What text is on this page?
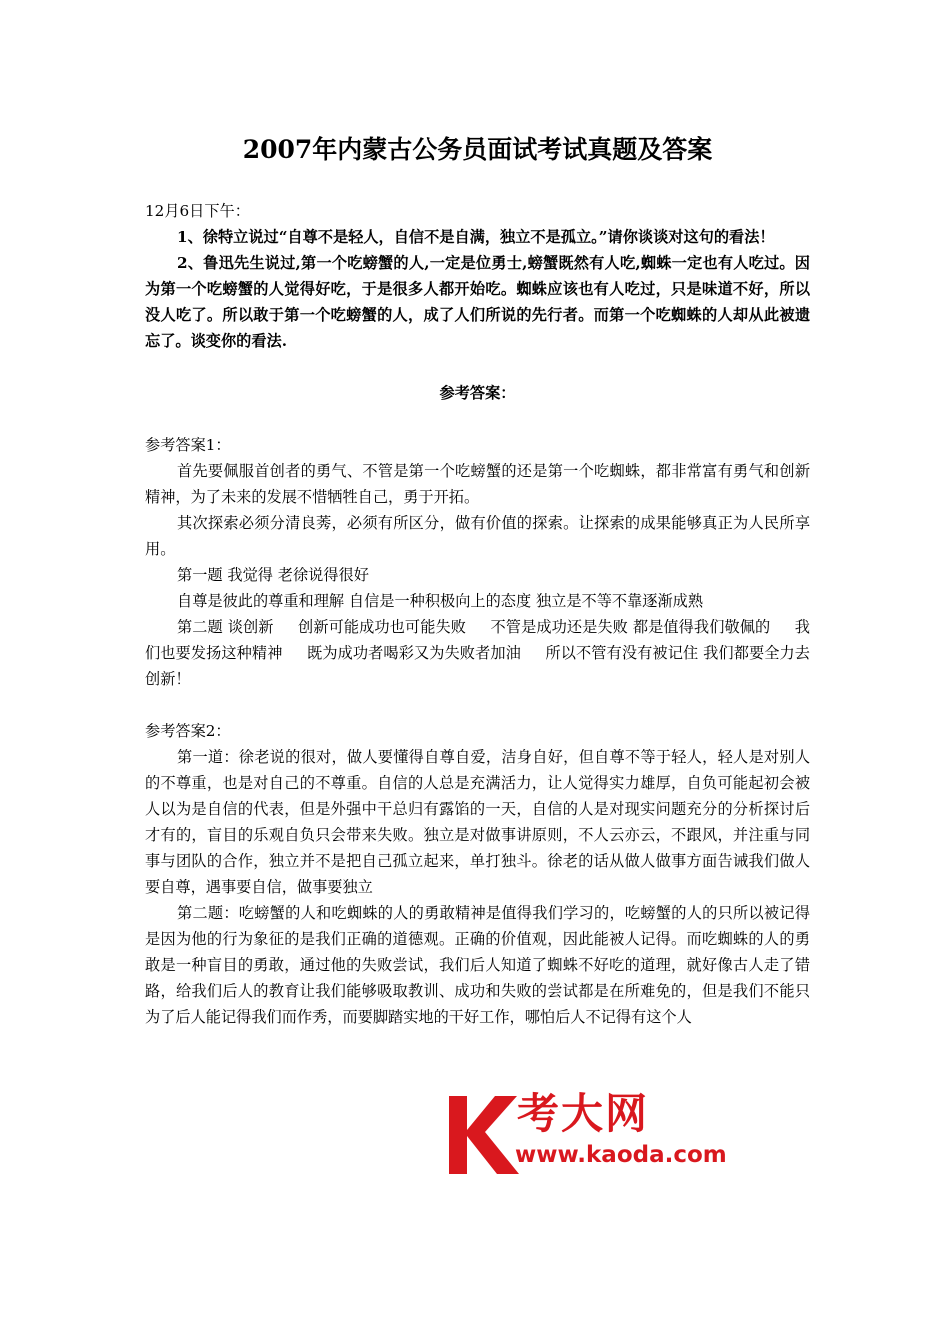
2007年内蒙古公务员面试考试真题及答案

12月6日下午：

1、徐特立说过“自尊不是轻人，自信不是自满，独立不是孤立。”请你谈谈对这句的看法！

2、鲁迅先生说过,第一个吃螃蟹的人,一定是位勇士,螃蟹既然有人吃,蜘蛛一定也有人吃过。因为第一个吃螃蟹的人觉得好吃，于是很多人都开始吃。蜘蛛应该也有人吃过，只是味道不好，所以没人吃了。所以敢于第一个吃螃蟹的人，成了人们所说的先行者。而第一个吃蜘蛛的人却从此被遗忘了。谈变你的看法.

参考答案：

参考答案1：

首先要佩服首创者的勇气、不管是第一个吃螃蟹的还是第一个吃蜘蛛，都非常富有勇气和创新精神，为了未来的发展不惜牺牲自己，勇于开拓。

其次探索必须分清良莠，必须有所区分，做有价值的探索。让探索的成果能够真正为人民所享用。

第一题 我觉得 老徐说得很好

自尊是彼此的尊重和理解 自信是一种积极向上的态度 独立是不等不靠逐渐成熟

第二题 谈创新     创新可能成功也可能失败     不管是成功还是失败 都是值得我们敬佩的     我们也要发扬这种精神     既为成功者喝彩又为失败者加油     所以不管有没有被记住 我们都要全力去创新！

参考答案2：

第一道：徐老说的很对，做人要懂得自尊自爱，洁身自好，但自尊不等于轻人，轻人是对别人的不尊重，也是对自己的不尊重。自信的人总是充满活力，让人觉得实力雄厚，自负可能起初会被人以为是自信的代表，但是外强中干总归有露馅的一天，自信的人是对现实问题充分的分析探讨后才有的，盲目的乐观自负只会带来失败。独立是对做事讲原则，不人云亦云，不跟风，并注重与同事与团队的合作，独立并不是把自己孤立起来，单打独斗。徐老的话从做人做事方面告诫我们做人要自尊，遇事要自信，做事要独立

第二题：吃螃蟹的人和吃蜘蛛的人的勇敢精神是值得我们学习的，吃螃蟹的人的只所以被记得是因为他的行为象征的是我们正确的道德观。正确的价值观，因此能被人记得。而吃蜘蛛的人的勇敢是一种盲目的勇敢，通过他的失败尝试，我们后人知道了蜘蛛不好吃的道理，就好像古人走了错路，给我们后人的教育让我们能够吸取教训、成功和失败的尝试都是在所难免的，但是我们不能只为了后人能记得我们而作秀，而要脚踏实地的干好工作，哪怕后人不记得有这个人

考大网
www.kaoda.com
